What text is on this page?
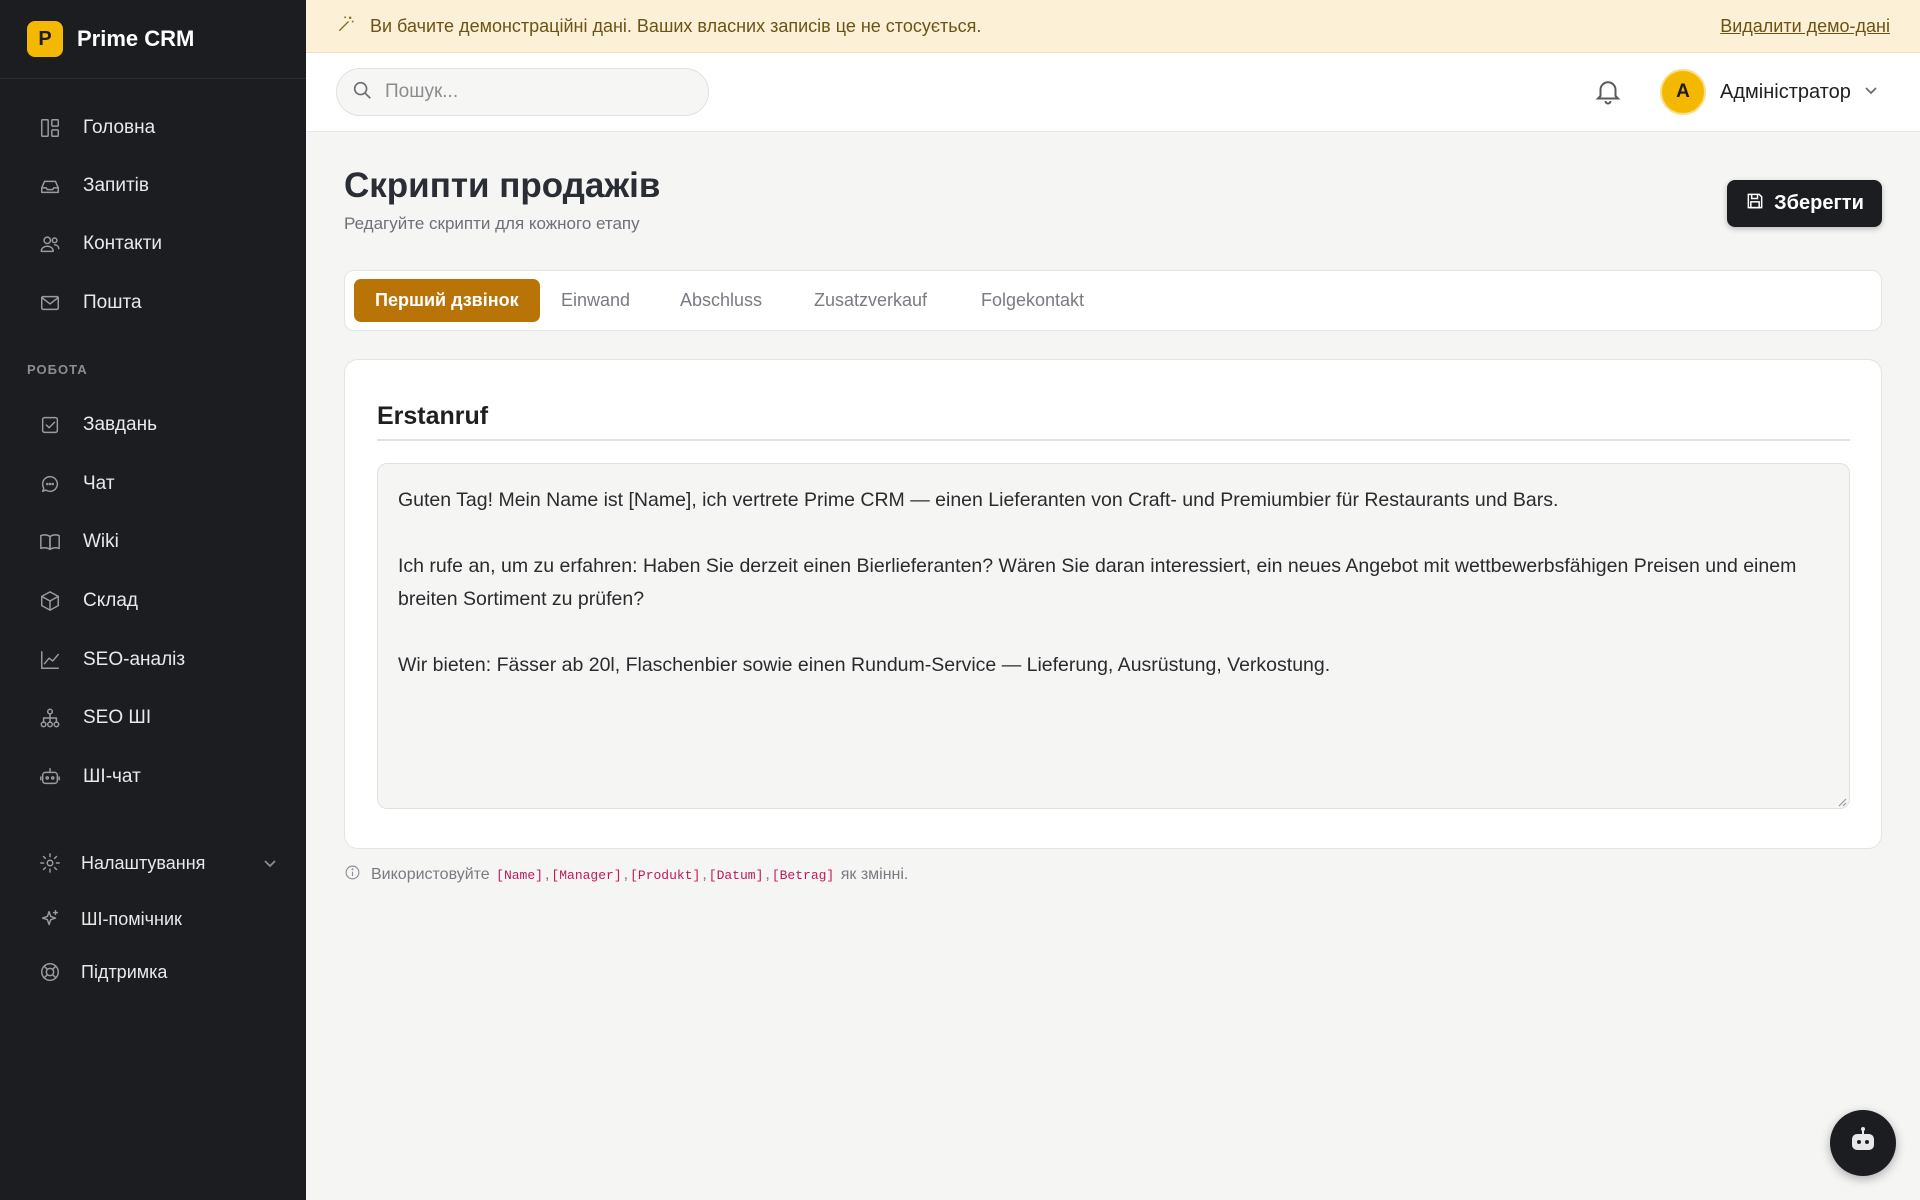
P	Prime CRM
Головна
Запитів
Контакти
Пошта
РОБОТА
Завдань
Чат
Wiki
Склад
SEO-аналіз
SEO ШІ
ШІ-чат
Налаштування
ШІ-помічник
Підтримка
Ви бачите демонстраційні дані. Ваших власних записів це не стосується.	Видалити демо-дані
Пошук...
A	Адміністратор
Скрипти продажів
Редагуйте скрипти для кожного етапу
Зберегти
Перший дзвінок	Einwand	Abschluss	Zusatzverkauf	Folgekontakt
Erstanruf
Guten Tag! Mein Name ist [Name], ich vertrete Prime CRM — einen Lieferanten von Craft- und Premiumbier für Restaurants und Bars.

Ich rufe an, um zu erfahren: Haben Sie derzeit einen Bierlieferanten? Wären Sie daran interessiert, ein neues Angebot mit wettbewerbsfähigen Preisen und einem breiten Sortiment zu prüfen?

Wir bieten: Fässer ab 20l, Flaschenbier sowie einen Rundum-Service — Lieferung, Ausrüstung, Verkostung.
Використовуйте
[Name] , [Manager] , [Produkt] , [Datum] , [Betrag]
як змінні.
